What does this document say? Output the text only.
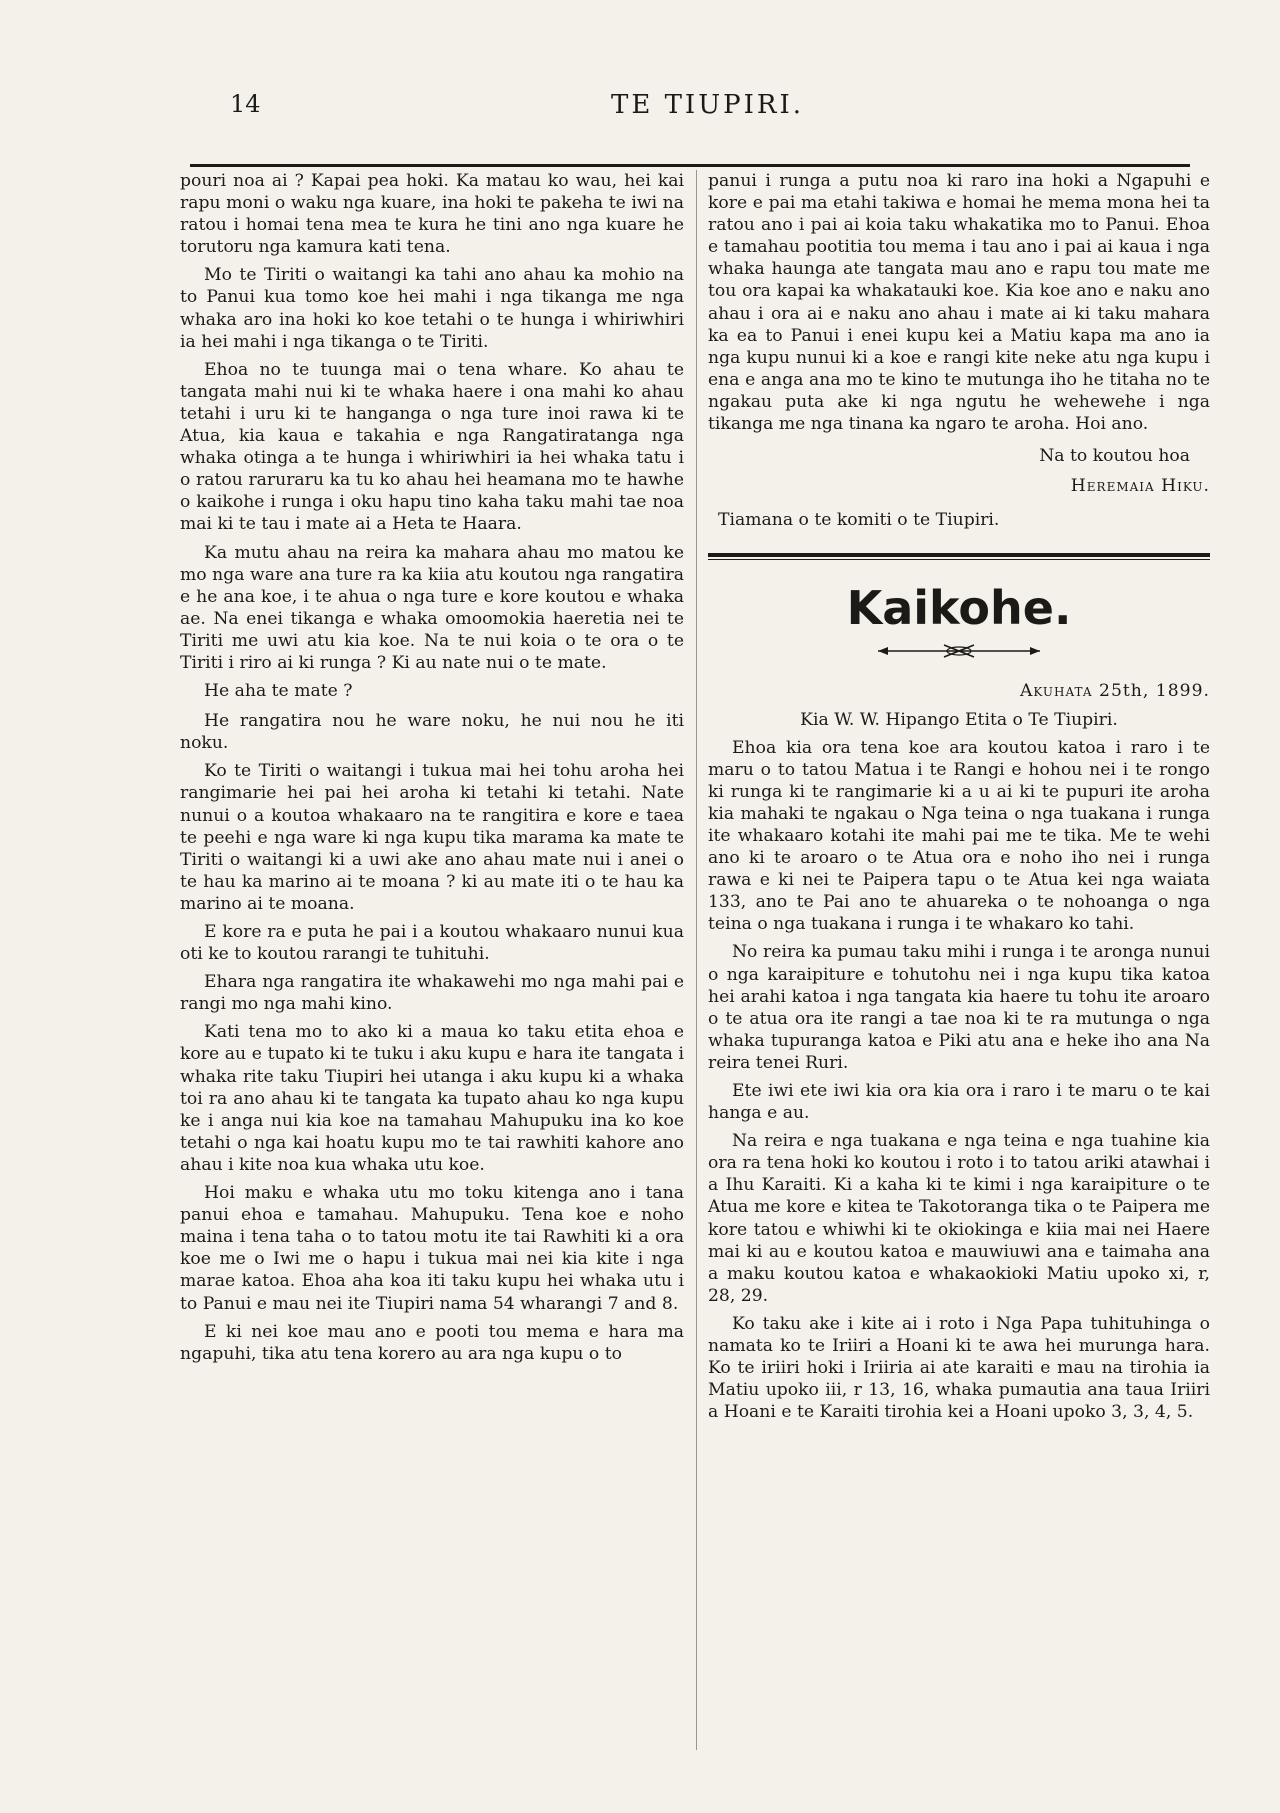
14	TE TIUPIRI.

pouri noa ai ? Kapai pea hoki. Ka matau ko wau, hei kai rapu moni o waku nga kuare, ina hoki te pakeha te iwi na ratou i homai tena mea te kura he tini ano nga kuare he torutoru nga kamura kati tena.

Mo te Tiriti o waitangi ka tahi ano ahau ka mohio na to Panui kua tomo koe hei mahi i nga tikanga me nga whaka aro ina hoki ko koe tetahi o te hunga i whiriwhiri ia hei mahi i nga tikanga o te Tiriti.

Ehoa no te tuunga mai o tena whare. Ko ahau te tangata mahi nui ki te whaka haere i ona mahi ko ahau tetahi i uru ki te hanganga o nga ture inoi rawa ki te Atua, kia kaua e takahia e nga Rangatiratanga nga whaka otinga a te hunga i whiriwhiri ia hei whaka tatu i o ratou raruraru ka tu ko ahau hei heamana mo te hawhe o kaikohe i runga i oku hapu tino kaha taku mahi tae noa mai ki te tau i mate ai a Heta te Haara.

Ka mutu ahau na reira ka mahara ahau mo matou ke mo nga ware ana ture ra ka kiia atu koutou nga rangatira e he ana koe, i te ahua o nga ture e kore koutou e whaka ae. Na enei tikanga e whaka omoomokia haeretia nei te Tiriti me uwi atu kia koe. Na te nui koia o te ora o te Tiriti i riro ai ki runga ? Ki au nate nui o te mate.

He aha te mate ?

He rangatira nou he ware noku, he nui nou he iti noku.

Ko te Tiriti o waitangi i tukua mai hei tohu aroha hei rangimarie hei pai hei aroha ki tetahi ki tetahi. Nate nunui o a koutoa whakaaro na te rangitira e kore e taea te peehi e nga ware ki nga kupu tika marama ka mate te Tiriti o waitangi ki a uwi ake ano ahau mate nui i anei o te hau ka marino ai te moana ? ki au mate iti o te hau ka marino ai te moana.

E kore ra e puta he pai i a koutou whakaaro nunui kua oti ke to koutou rarangi te tuhituhi.

Ehara nga rangatira ite whakawehi mo nga mahi pai e rangi mo nga mahi kino.

Kati tena mo to ako ki a maua ko taku etita ehoa e kore au e tupato ki te tuku i aku kupu e hara ite tangata i whaka rite taku Tiupiri hei utanga i aku kupu ki a whaka toi ra ano ahau ki te tangata ka tupato ahau ko nga kupu ke i anga nui kia koe na tamahau Mahupuku ina ko koe tetahi o nga kai hoatu kupu mo te tai rawhiti kahore ano ahau i kite noa kua whaka utu koe.

Hoi maku e whaka utu mo toku kitenga ano i tana panui ehoa e tamahau. Mahupuku. Tena koe e noho maina i tena taha o to tatou motu ite tai Rawhiti ki a ora koe me o Iwi me o hapu i tukua mai nei kia kite i nga marae katoa. Ehoa aha koa iti taku kupu hei whaka utu i to Panui e mau nei ite Tiupiri nama 54 wharangi 7 and 8.

E ki nei koe mau ano e pooti tou mema e hara ma ngapuhi, tika atu tena korero au ara nga kupu o to

panui i runga a putu noa ki raro ina hoki a Ngapuhi e kore e pai ma etahi takiwa e homai he mema mona hei ta ratou ano i pai ai koia taku whakatika mo to Panui. Ehoa e tamahau pootitia tou mema i tau ano i pai ai kaua i nga whaka haunga ate tangata mau ano e rapu tou mate me tou ora kapai ka whakatauki koe. Kia koe ano e naku ano ahau i ora ai e naku ano ahau i mate ai ki taku mahara ka ea to Panui i enei kupu kei a Matiu kapa ma ano ia nga kupu nunui ki a koe e rangi kite neke atu nga kupu i ena e anga ana mo te kino te mutunga iho he titaha no te ngakau puta ake ki nga ngutu he wehewehe i nga tikanga me nga tinana ka ngaro te aroha. Hoi ano.

Na to koutou hoa

Heremaia Hiku.

Tiamana o te komiti o te Tiupiri.

Kaikohe.

Akuhata 25th, 1899.

Kia W. W. Hipango Etita o Te Tiupiri.

Ehoa kia ora tena koe ara koutou katoa i raro i te maru o to tatou Matua i te Rangi e hohou nei i te rongo ki runga ki te rangimarie ki a u ai ki te pupuri ite aroha kia mahaki te ngakau o Nga teina o nga tuakana i runga ite whakaaro kotahi ite mahi pai me te tika. Me te wehi ano ki te aroaro o te Atua ora e noho iho nei i runga rawa e ki nei te Paipera tapu o te Atua kei nga waiata 133, ano te Pai ano te ahuareka o te nohoanga o nga teina o nga tuakana i runga i te whakaro ko tahi.

No reira ka pumau taku mihi i runga i te aronga nunui o nga karaipiture e tohutohu nei i nga kupu tika katoa hei arahi katoa i nga tangata kia haere tu tohu ite aroaro o te atua ora ite rangi a tae noa ki te ra mutunga o nga whaka tupuranga katoa e Piki atu ana e heke iho ana Na reira tenei Ruri.

Ete iwi ete iwi kia ora kia ora i raro i te maru o te kai hanga e au.

Na reira e nga tuakana e nga teina e nga tuahine kia ora ra tena hoki ko koutou i roto i to tatou ariki atawhai i a Ihu Karaiti. Ki a kaha ki te kimi i nga karaipiture o te Atua me kore e kitea te Takotoranga tika o te Paipera me kore tatou e whiwhi ki te okiokinga e kiia mai nei Haere mai ki au e koutou katoa e mauwiuwi ana e taimaha ana a maku koutou katoa e whakaokioki Matiu upoko xi, r, 28, 29.

Ko taku ake i kite ai i roto i Nga Papa tuhituhinga o namata ko te Iriiri a Hoani ki te awa hei murunga hara. Ko te iriiri hoki i Iriiria ai ate karaiti e mau na tirohia ia Matiu upoko iii, r 13, 16, whaka pumautia ana taua Iriiri a Hoani e te Karaiti tirohia kei a Hoani upoko 3, 3, 4, 5.
